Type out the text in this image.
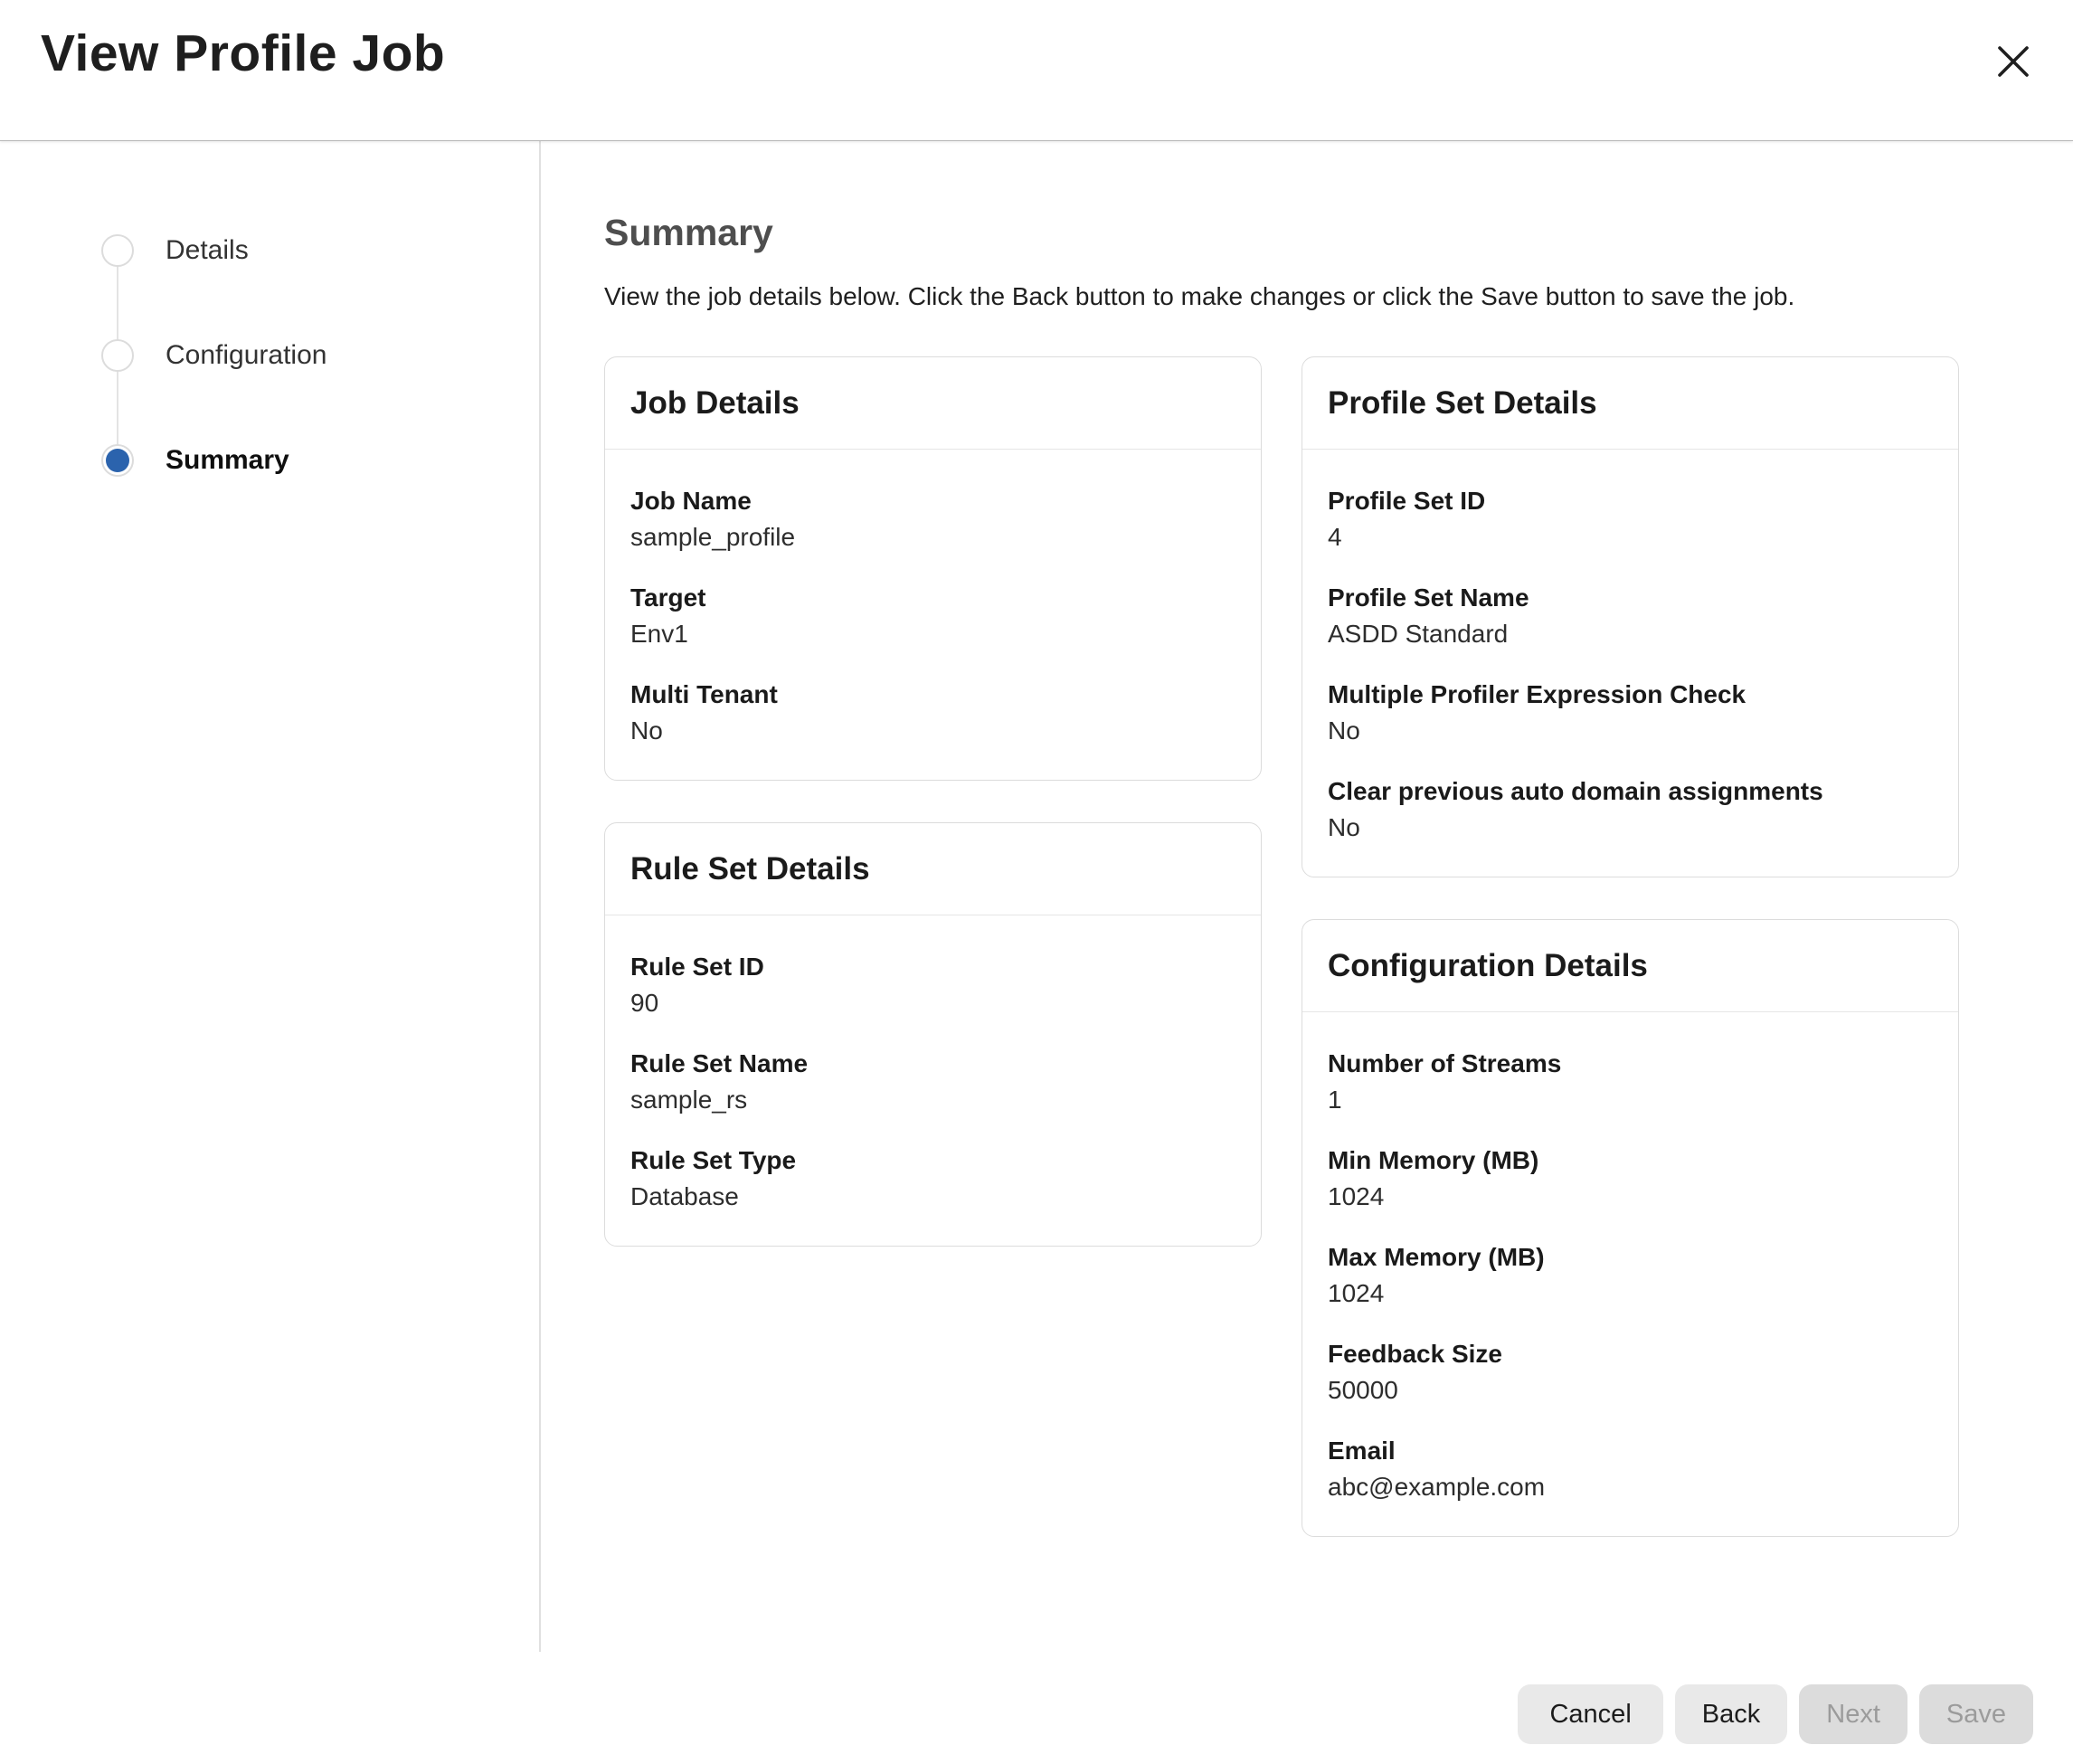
View Profile Job
Details
Configuration
Summary
Summary

View the job details below. Click the Back button to make changes or click the Save button to save the job.

Job Details
Job Name
sample_profile
Target
Env1
Multi Tenant
No
Rule Set Details
Rule Set ID
90
Rule Set Name
sample_rs
Rule Set Type
Database
Profile Set Details
Profile Set ID
4
Profile Set Name
ASDD Standard
Multiple Profiler Expression Check
No
Clear previous auto domain assignments
No
Configuration Details
Number of Streams
1
Min Memory (MB)
1024
Max Memory (MB)
1024
Feedback Size
50000
Email
abc@example.com
Cancel	Back	Next	Save
